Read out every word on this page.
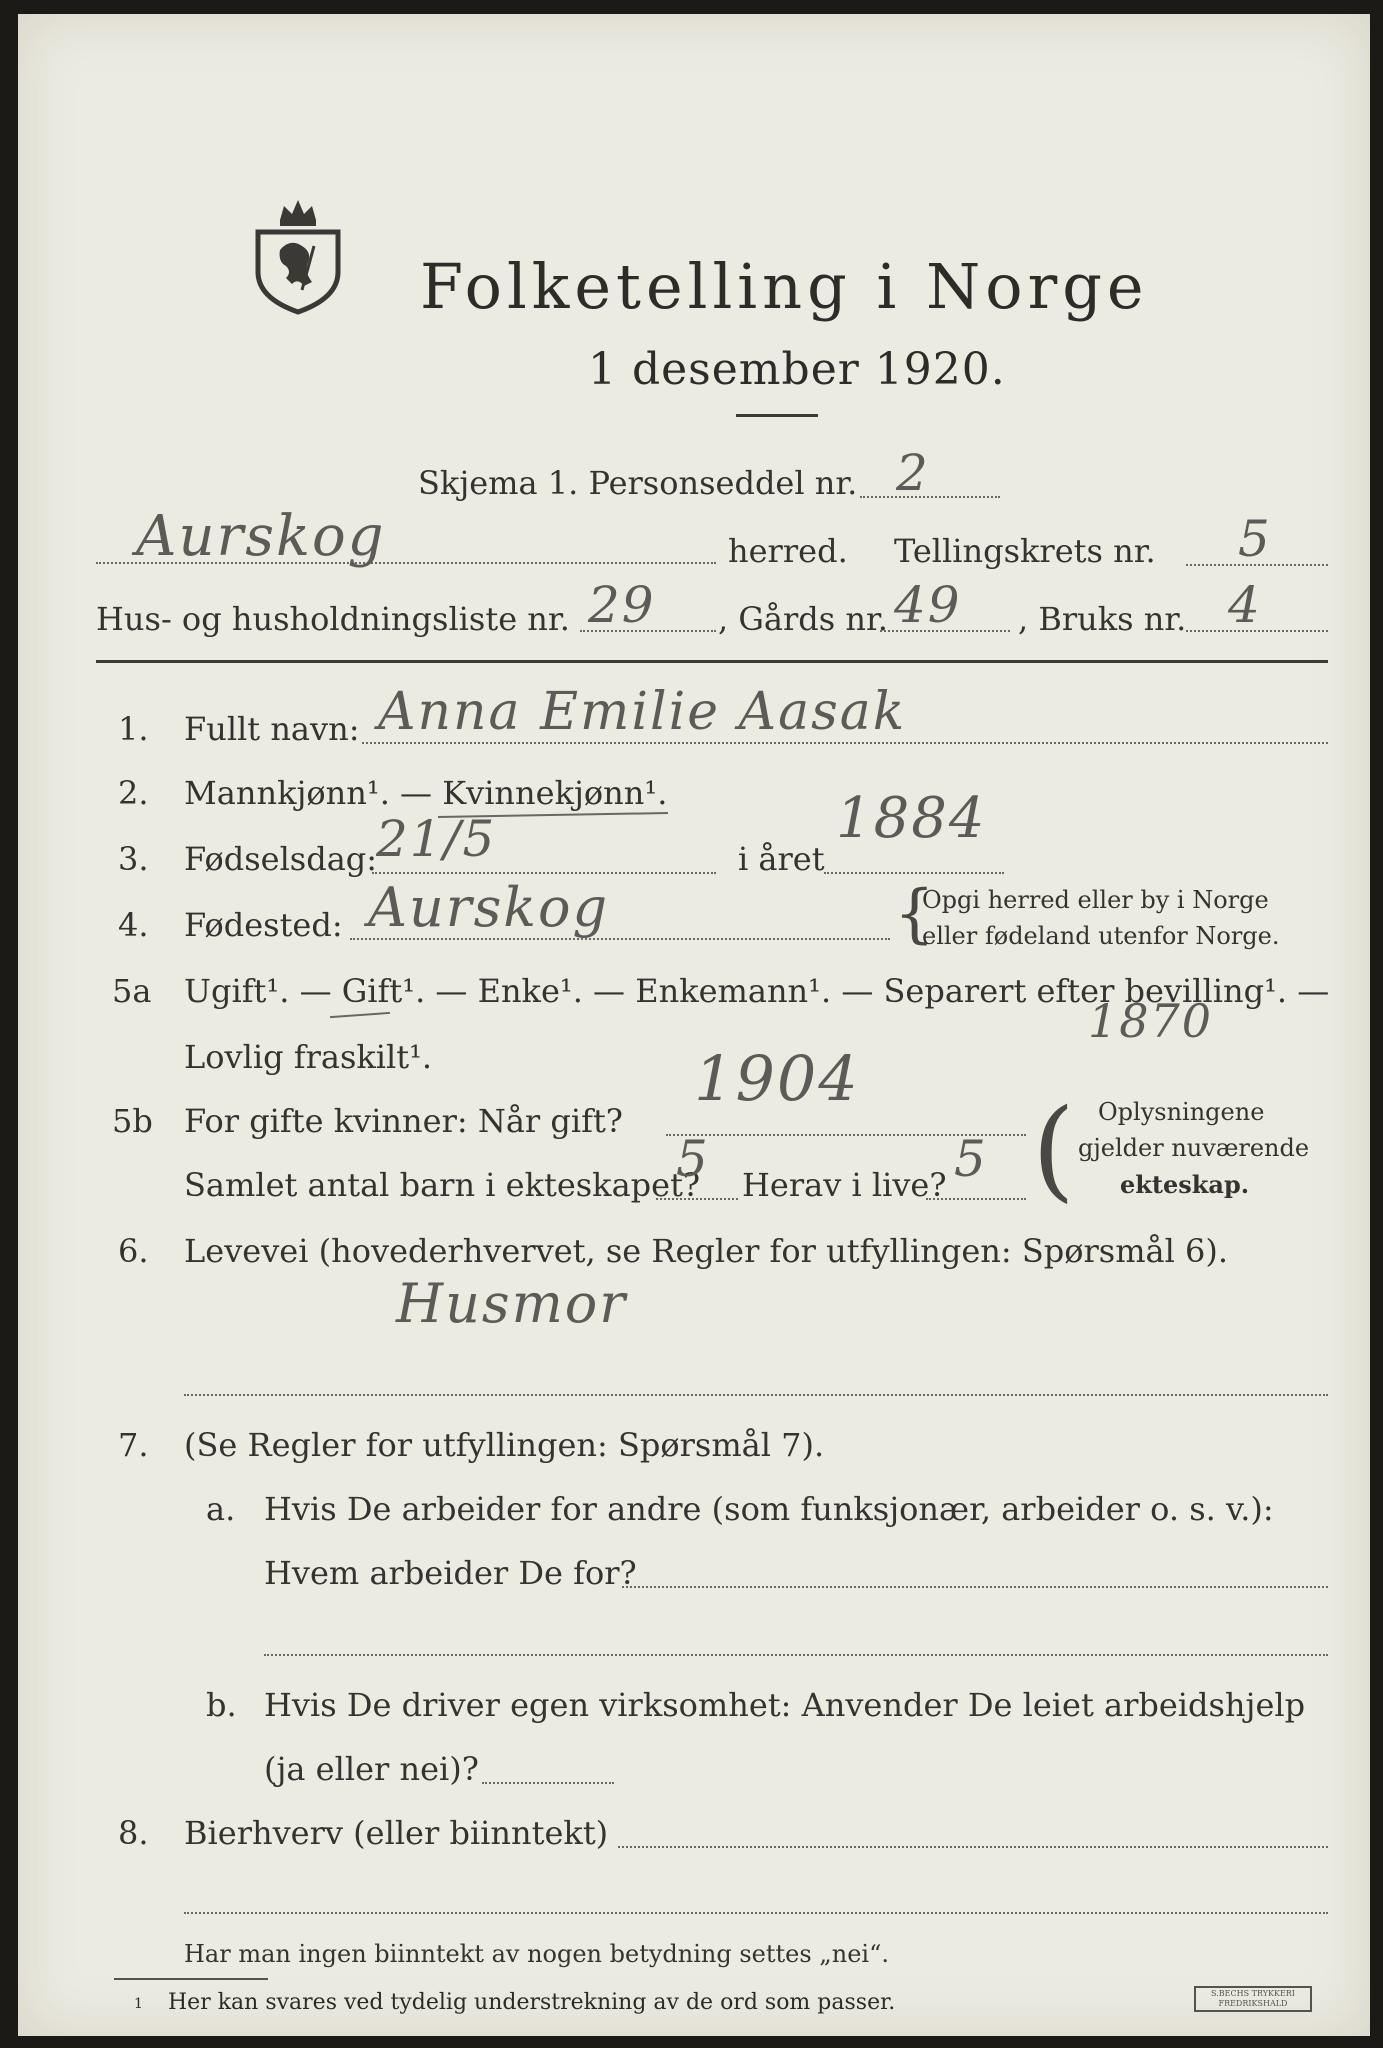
Folketelling i Norge
1 desember 1920.
Skjema 1. Personseddel nr. 2
Aurskog	herred. Tellingskrets nr. 5
Hus- og husholdningsliste nr. 29 , Gårds nr. 49 , Bruks nr. 4
1. Fullt navn: Anna Emilie Aasak
2. Mannkjønn¹. — Kvinnekjønn¹.
3. Fødselsdag:
21/5	i året
1884
4. Fødested: Aurskog	{
Opgi herred eller by i Norge
eller fødeland utenfor Norge.
5a Ugift¹. — Gift¹. — Enke¹. — Enkemann¹. — Separert efter bevilling¹. —
Lovlig fraskilt¹.
1870
5b For gifte kvinner: Når gift?
1904
Samlet antal barn i ekteskapet?
5 Herav i live? 5 ( Oplysningene
gjelder nuværende
ekteskap.
6. Levevei (hovederhvervet, se Regler for utfyllingen: Spørsmål 6).
Husmor
7. (Se Regler for utfyllingen: Spørsmål 7).
a. Hvis De arbeider for andre (som funksjonær, arbeider o. s. v.):
Hvem arbeider De for?
b. Hvis De driver egen virksomhet: Anvender De leiet arbeidshjelp
(ja eller nei)?
8. Bierhverv (eller biinntekt)
Har man ingen biinntekt av nogen betydning settes „nei“.
1 Her kan svares ved tydelig understrekning av de ord som passer.	S.BECHS TRYKKERI
FREDRIKSHALD
